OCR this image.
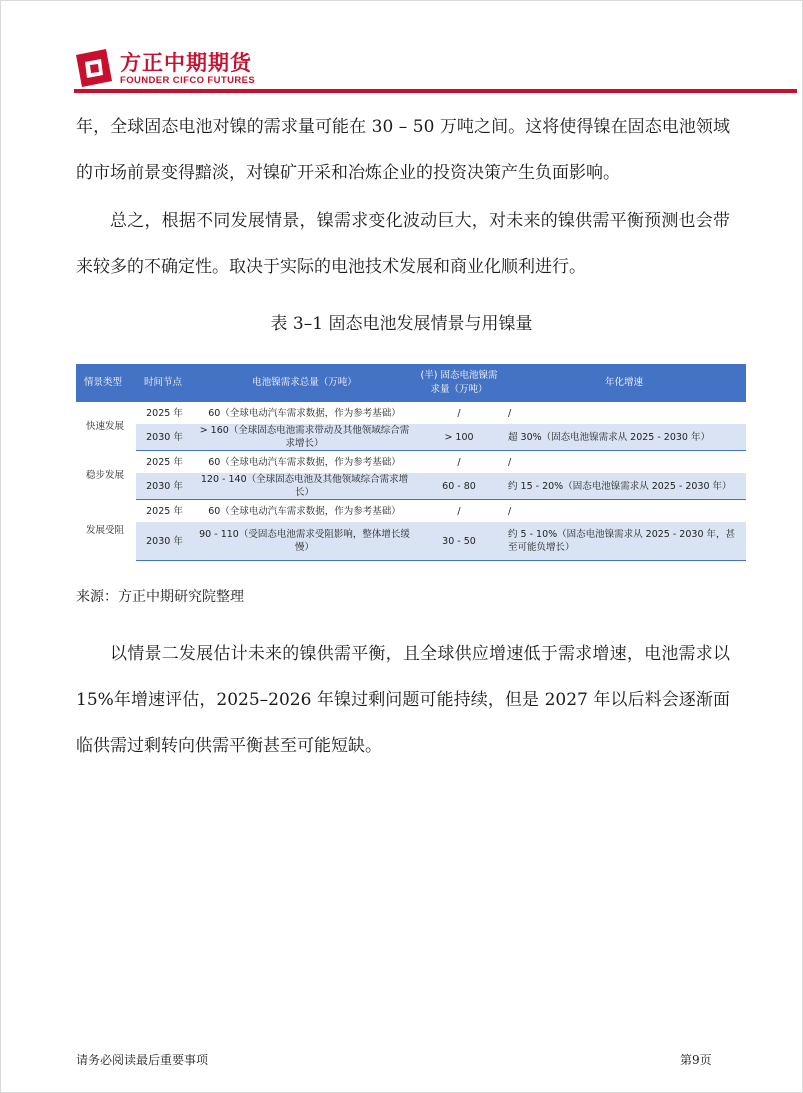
方正中期期货
FOUNDER CIFCO FUTURES

年，全球固态电池对镍的需求量可能在 30 – 50 万吨之间。这将使得镍在固态电池领域的市场前景变得黯淡，对镍矿开采和冶炼企业的投资决策产生负面影响。

总之，根据不同发展情景，镍需求变化波动巨大，对未来的镍供需平衡预测也会带来较多的不确定性。取决于实际的电池技术发展和商业化顺利进行。

表 3–1 固态电池发展情景与用镍量
情景类型	时间节点	电池镍需求总量（万吨）	(半) 固态电池镍需求量（万吨）	年化增速
快速发展	2025 年	60（全球电动汽车需求数据，作为参考基础）	/	/
	2030 年	> 160（全球固态电池需求带动及其他领域综合需求增长）	> 100	超 30%（固态电池镍需求从 2025 - 2030 年）
稳步发展	2025 年	60（全球电动汽车需求数据，作为参考基础）	/	/
	2030 年	120 - 140（全球固态电池及其他领域综合需求增长）	60 - 80	约 15 - 20%（固态电池镍需求从 2025 - 2030 年）
发展受阻	2025 年	60（全球电动汽车需求数据，作为参考基础）	/	/
	2030 年	90 - 110（受固态电池需求受阻影响，整体增长缓慢）	30 - 50	约 5 - 10%（固态电池镍需求从 2025 - 2030 年，甚至可能负增长）
来源：方正中期研究院整理

以情景二发展估计未来的镍供需平衡，且全球供应增速低于需求增速，电池需求以 15%年增速评估，2025–2026 年镍过剩问题可能持续，但是 2027 年以后料会逐渐面临供需过剩转向供需平衡甚至可能短缺。

请务必阅读最后重要事项	第9页
